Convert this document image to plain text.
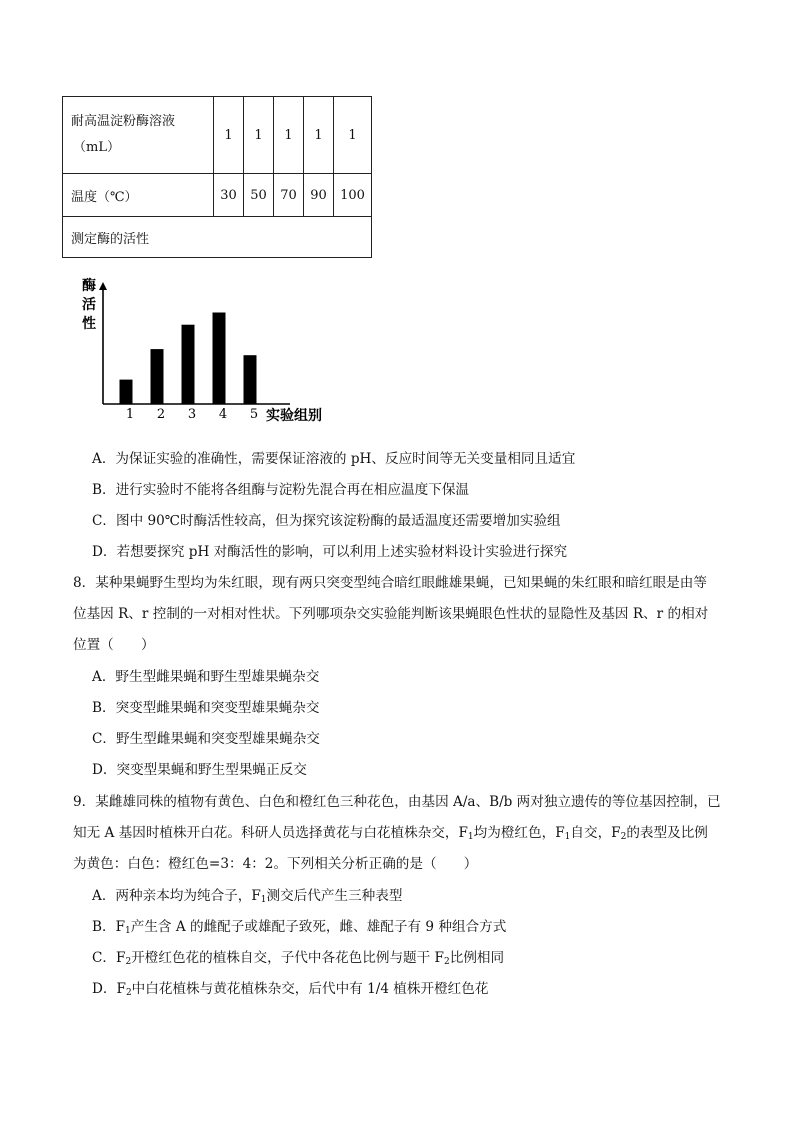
耐高温淀粉酶溶液
（mL）	1	1	1	1	1
温度（℃）	30	50	70	90	100
测定酶的活性					
酶
活
性
1 2 3 4 5 实验组别
A．为保证实验的准确性，需要保证溶液的 pH、反应时间等无关变量相同且适宜
B．进行实验时不能将各组酶与淀粉先混合再在相应温度下保温
C．图中 90℃时酶活性较高，但为探究该淀粉酶的最适温度还需要增加实验组
D．若想要探究 pH 对酶活性的影响，可以利用上述实验材料设计实验进行探究
8．某种果蝇野生型均为朱红眼，现有两只突变型纯合暗红眼雌雄果蝇，已知果蝇的朱红眼和暗红眼是由等
位基因 R、r 控制的一对相对性状。下列哪项杂交实验能判断该果蝇眼色性状的显隐性及基因 R、r 的相对
位置（　　）
A．野生型雌果蝇和野生型雄果蝇杂交
B．突变型雌果蝇和突变型雄果蝇杂交
C．野生型雌果蝇和突变型雄果蝇杂交
D．突变型果蝇和野生型果蝇正反交
9．某雌雄同株的植物有黄色、白色和橙红色三种花色，由基因 A/a、B/b 两对独立遗传的等位基因控制，已
知无 A 基因时植株开白花。科研人员选择黄花与白花植株杂交，$F_1$均为橙红色，$F_1$自交，$F_2$的表型及比例
为黄色：白色：橙红色=3：4：2。下列相关分析正确的是（　　）
A．两种亲本均为纯合子，$F_1$测交后代产生三种表型
B．$F_1$产生含 A 的雌配子或雄配子致死，雌、雄配子有 9 种组合方式
C．$F_2$开橙红色花的植株自交，子代中各花色比例与题干 $F_2$比例相同
D．$F_2$中白花植株与黄花植株杂交，后代中有 1/4 植株开橙红色花
